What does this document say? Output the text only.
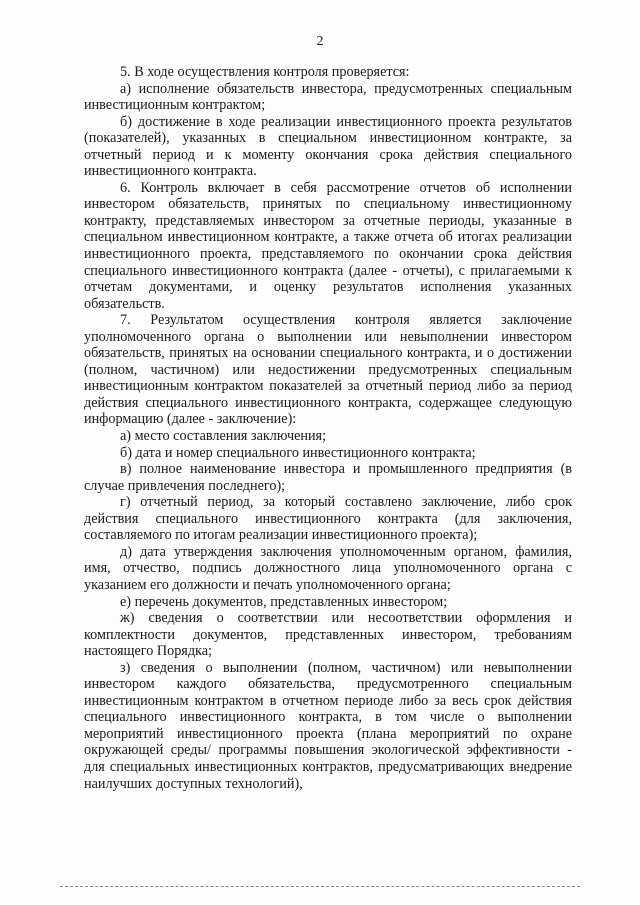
2

5. В ходе осуществления контроля проверяется:

а) исполнение обязательств инвестора, предусмотренных специальным инвестиционным контрактом;

б) достижение в ходе реализации инвестиционного проекта результатов (показателей), указанных в специальном инвестиционном контракте, за отчетный период и к моменту окончания срока действия специального инвестиционного контракта.

6. Контроль включает в себя рассмотрение отчетов об исполнении инвестором обязательств, принятых по специальному инвестиционному контракту, представляемых инвестором за отчетные периоды, указанные в специальном инвестиционном контракте, а также отчета об итогах реализации инвестиционного проекта, представляемого по окончании срока действия специального инвестиционного контракта (далее - отчеты), с прилагаемыми к отчетам документами, и оценку результатов исполнения указанных обязательств.

7. Результатом осуществления контроля является заключение уполномоченного органа о выполнении или невыполнении инвестором обязательств, принятых на основании специального контракта, и о достижении (полном, частичном) или недостижении предусмотренных специальным инвестиционным контрактом показателей за отчетный период либо за период действия специального инвестиционного контракта, содержащее следующую информацию (далее - заключение):

а) место составления заключения;

б) дата и номер специального инвестиционного контракта;

в) полное наименование инвестора и промышленного предприятия (в случае привлечения последнего);

г) отчетный период, за который составлено заключение, либо срок действия специального инвестиционного контракта (для заключения, составляемого по итогам реализации инвестиционного проекта);

д) дата утверждения заключения уполномоченным органом, фамилия, имя, отчество, подпись должностного лица уполномоченного органа с указанием его должности и печать уполномоченного органа;

е) перечень документов, представленных инвестором;

ж) сведения о соответствии или несоответствии оформления и комплектности документов, представленных инвестором, требованиям настоящего Порядка;

з) сведения о выполнении (полном, частичном) или невыполнении инвестором каждого обязательства, предусмотренного специальным инвестиционным контрактом в отчетном периоде либо за весь срок действия специального инвестиционного контракта, в том числе о выполнении мероприятий инвестиционного проекта (плана мероприятий по охране окружающей среды/ программы повышения экологической эффективности - для специальных инвестиционных контрактов, предусматривающих внедрение наилучших доступных технологий),
